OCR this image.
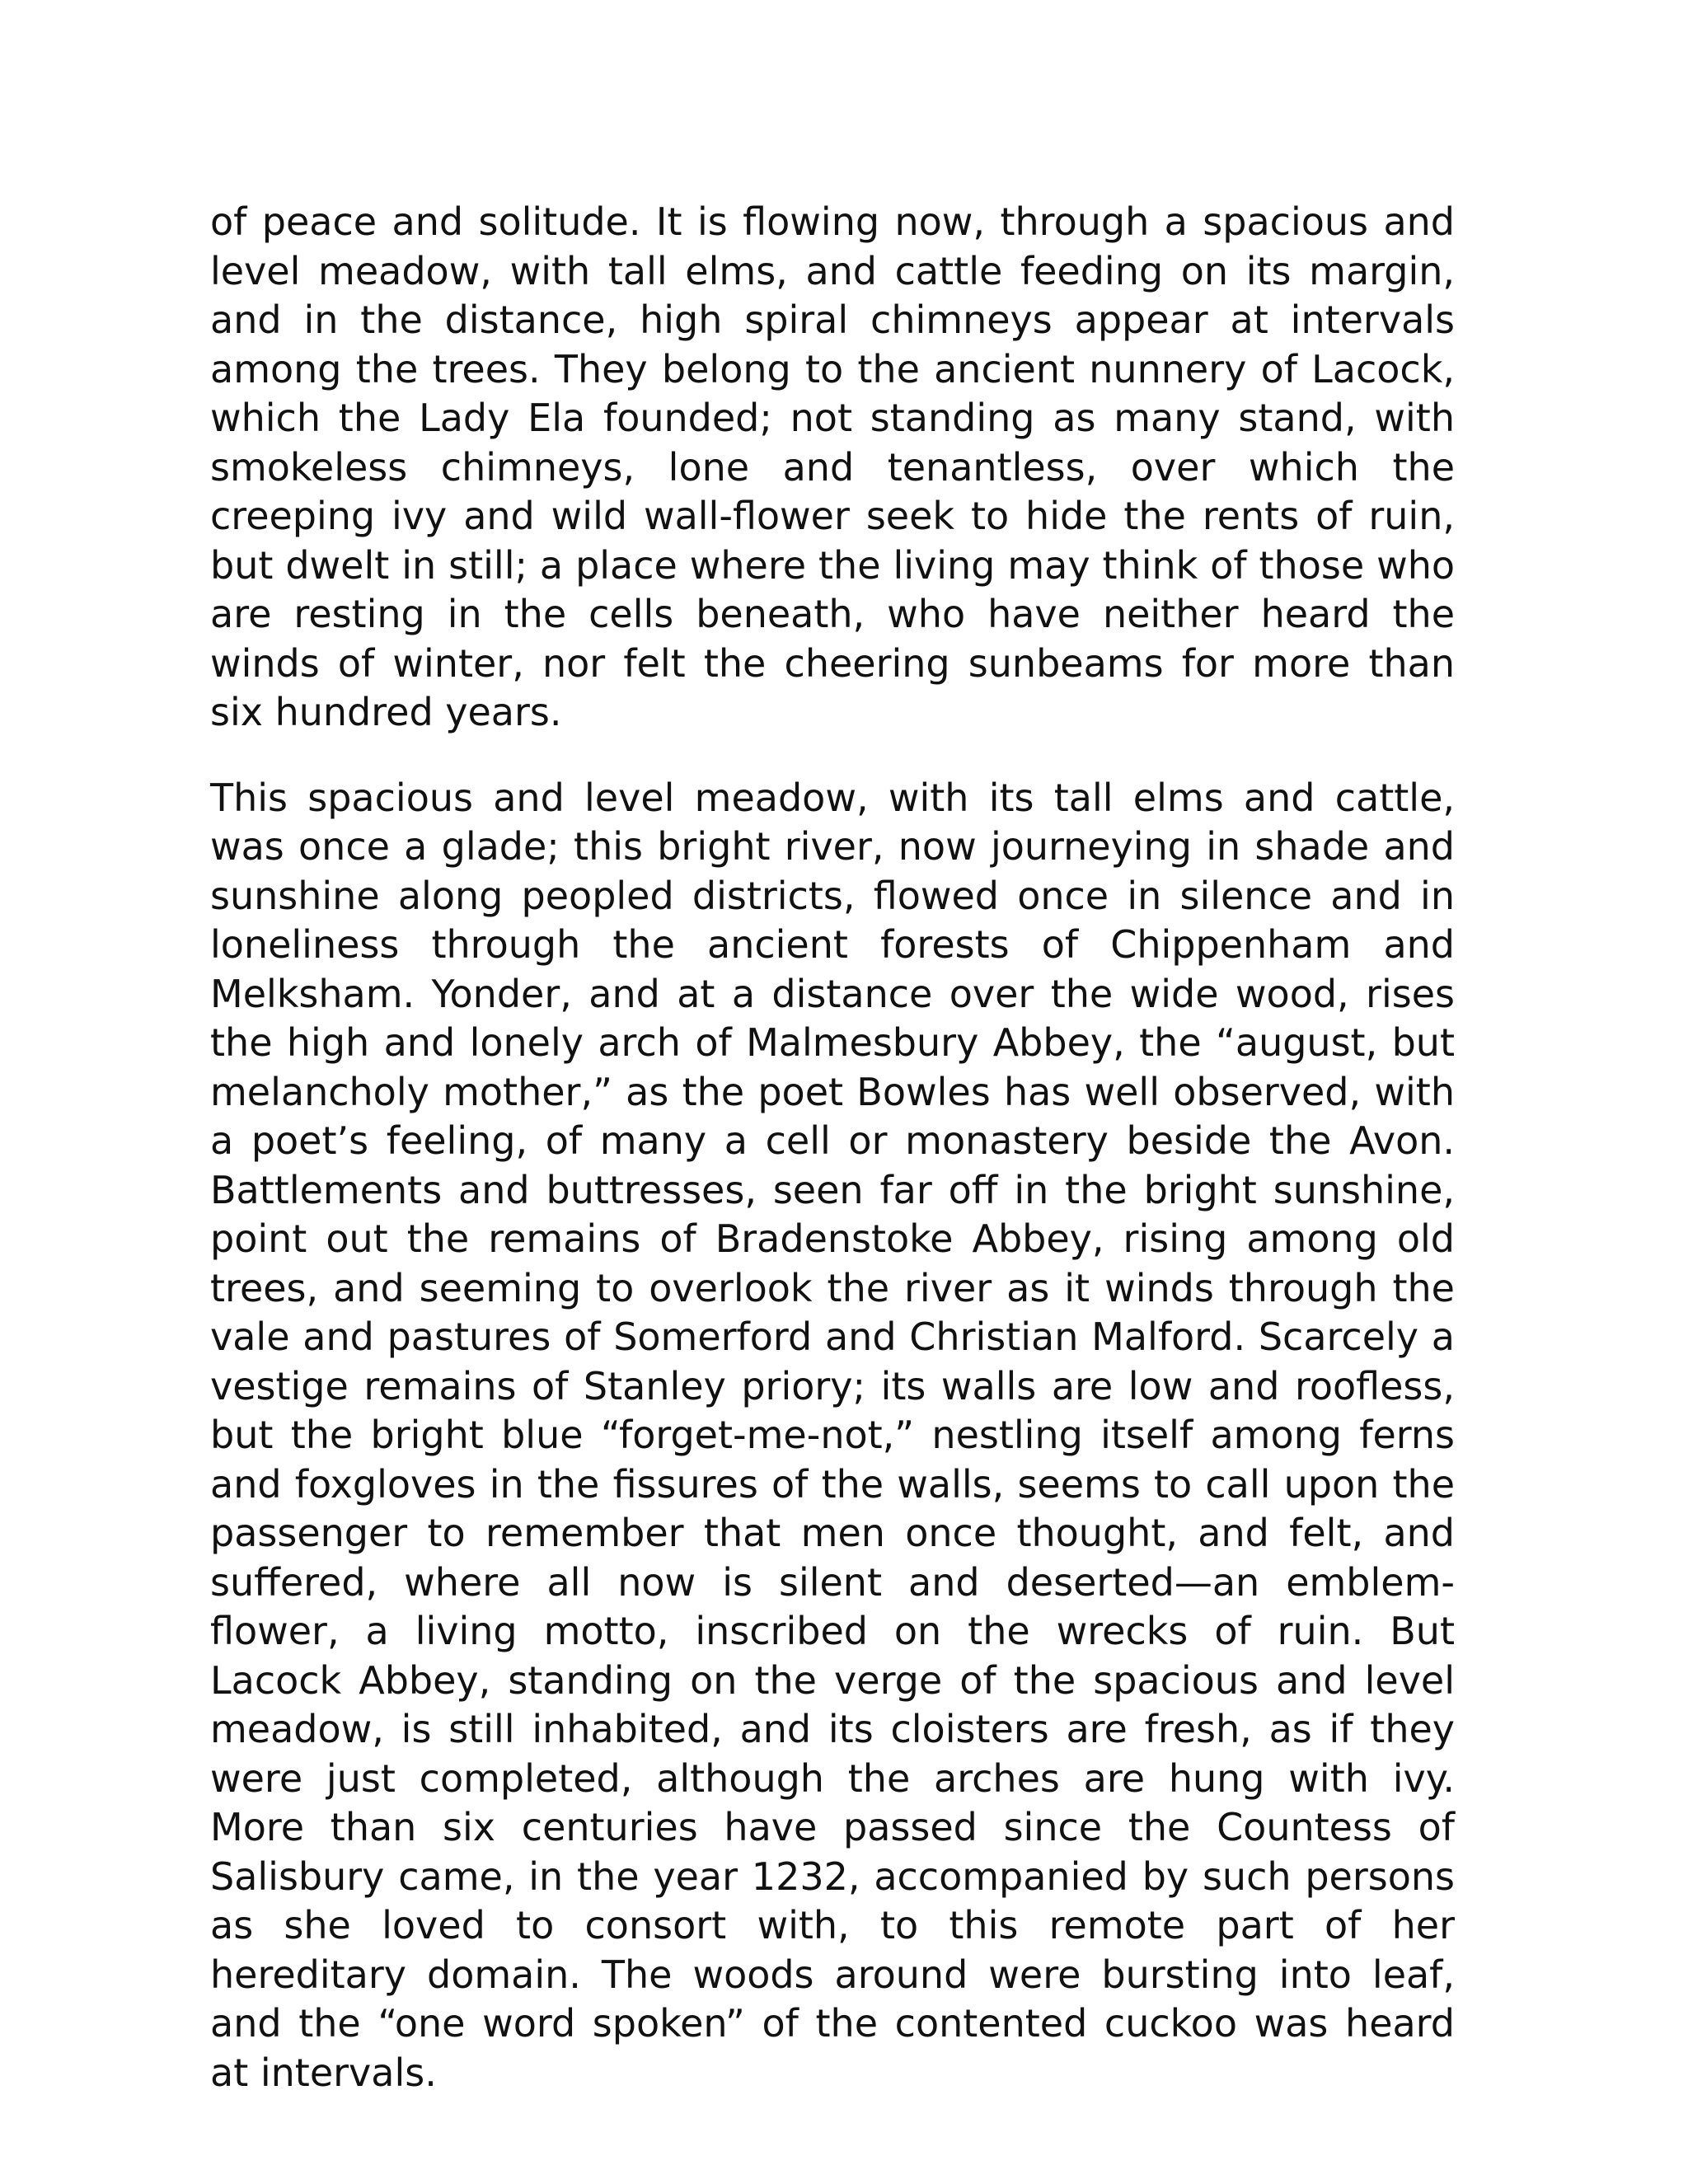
of peace and solitude. It is flowing now, through a spacious and level meadow, with tall elms, and cattle feeding on its margin, and in the distance, high spiral chimneys appear at intervals among the trees. They belong to the ancient nunnery of Lacock, which the Lady Ela founded; not standing as many stand, with smokeless chimneys, lone and tenantless, over which the creeping ivy and wild wall-flower seek to hide the rents of ruin, but dwelt in still; a place where the living may think of those who are resting in the cells beneath, who have neither heard the winds of winter, nor felt the cheering sunbeams for more than six hundred years.

This spacious and level meadow, with its tall elms and cattle, was once a glade; this bright river, now journeying in shade and sunshine along peopled districts, flowed once in silence and in loneliness through the ancient forests of Chippenham and Melksham. Yonder, and at a distance over the wide wood, rises the high and lonely arch of Malmesbury Abbey, the “august, but melancholy mother,” as the poet Bowles has well observed, with a poet’s feeling, of many a cell or monastery beside the Avon. Battlements and buttresses, seen far off in the bright sunshine, point out the remains of Bradenstoke Abbey, rising among old trees, and seeming to overlook the river as it winds through the vale and pastures of Somerford and Christian Malford. Scarcely a vestige remains of Stanley priory; its walls are low and roofless, but the bright blue “forget-me-not,” nestling itself among ferns and foxgloves in the fissures of the walls, seems to call upon the passenger to remember that men once thought, and felt, and suffered, where all now is silent and deserted—an emblem-flower, a living motto, inscribed on the wrecks of ruin. But Lacock Abbey, standing on the verge of the spacious and level meadow, is still inhabited, and its cloisters are fresh, as if they were just completed, although the arches are hung with ivy. More than six centuries have passed since the Countess of Salisbury came, in the year 1232, accompanied by such persons as she loved to consort with, to this remote part of her hereditary domain. The woods around were bursting into leaf, and the “one word spoken” of the contented cuckoo was heard at intervals.
